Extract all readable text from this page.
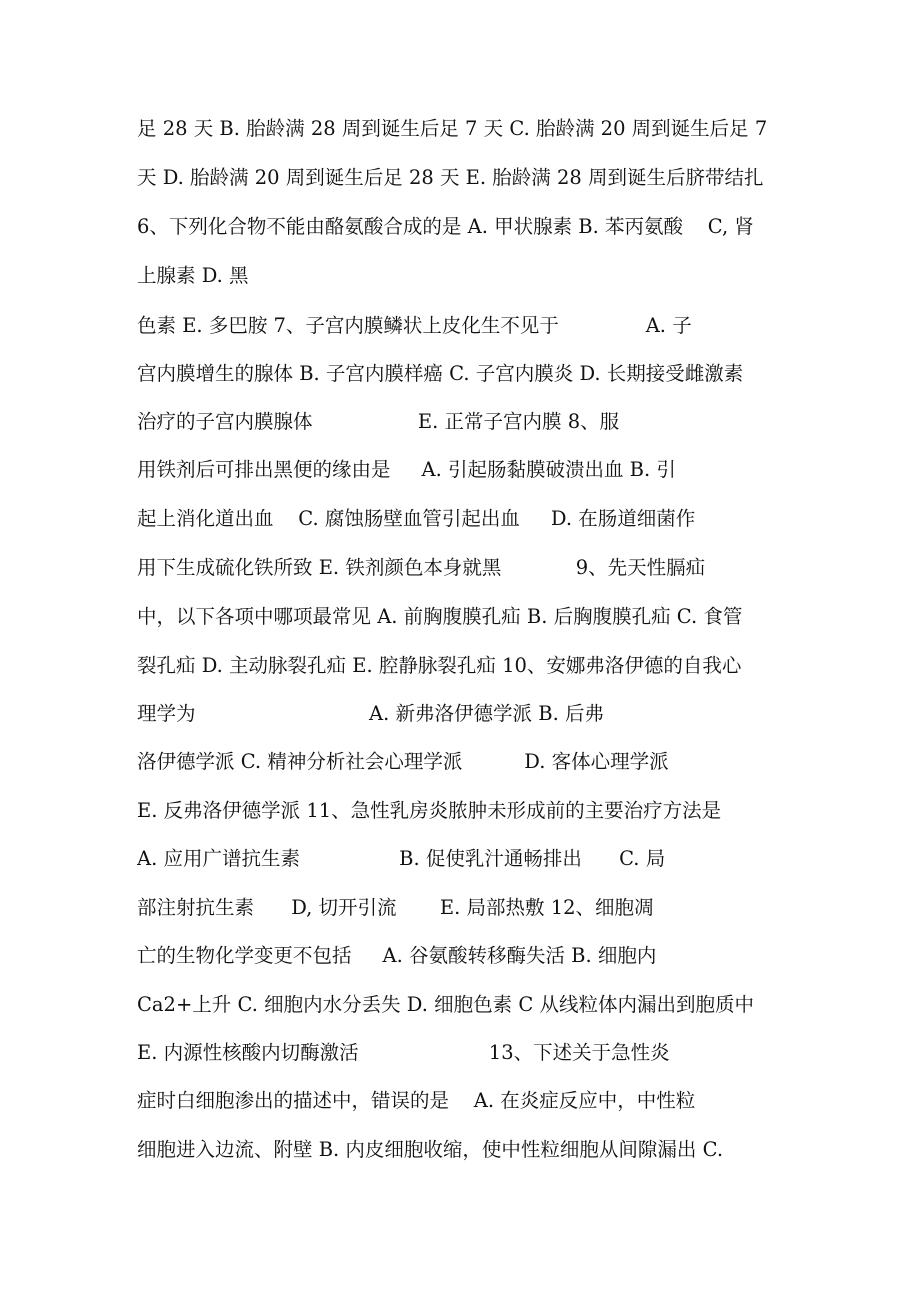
足 28 天 B. 胎龄满 28 周到诞生后足 7 天 C. 胎龄满 20 周到诞生后足 7
天 D. 胎龄满 20 周到诞生后足 28 天 E. 胎龄满 28 周到诞生后脐带结扎
6、下列化合物不能由酪氨酸合成的是 A. 甲状腺素 B. 苯丙氨酸    C, 肾
上腺素 D. 黑
色素 E. 多巴胺 7、子宫内膜鳞状上皮化生不见于              A. 子
宫内膜增生的腺体 B. 子宫内膜样癌 C. 子宫内膜炎 D. 长期接受雌激素
治疗的子宫内膜腺体                 E. 正常子宫内膜 8、服
用铁剂后可排出黑便的缘由是     A. 引起肠黏膜破溃出血 B. 引
起上消化道出血    C. 腐蚀肠壁血管引起出血     D. 在肠道细菌作
用下生成硫化铁所致 E. 铁剂颜色本身就黑            9、先天性膈疝
中，以下各项中哪项最常见 A. 前胸腹膜孔疝 B. 后胸腹膜孔疝 C. 食管
裂孔疝 D. 主动脉裂孔疝 E. 腔静脉裂孔疝 10、安娜弗洛伊德的自我心
理学为                            A. 新弗洛伊德学派 B. 后弗
洛伊德学派 C. 精神分析社会心理学派          D. 客体心理学派
E. 反弗洛伊德学派 11、急性乳房炎脓肿未形成前的主要治疗方法是
A. 应用广谱抗生素                B. 促使乳汁通畅排出      C. 局
部注射抗生素      D, 切开引流       E. 局部热敷 12、细胞凋
亡的生物化学变更不包括     A. 谷氨酸转移酶失活 B. 细胞内
Ca2+上升 C. 细胞内水分丢失 D. 细胞色素 C 从线粒体内漏出到胞质中
E. 内源性核酸内切酶激活                     13、下述关于急性炎
症时白细胞渗出的描述中，错误的是    A. 在炎症反应中，中性粒
细胞进入边流、附壁 B. 内皮细胞收缩，使中性粒细胞从间隙漏出 C.
